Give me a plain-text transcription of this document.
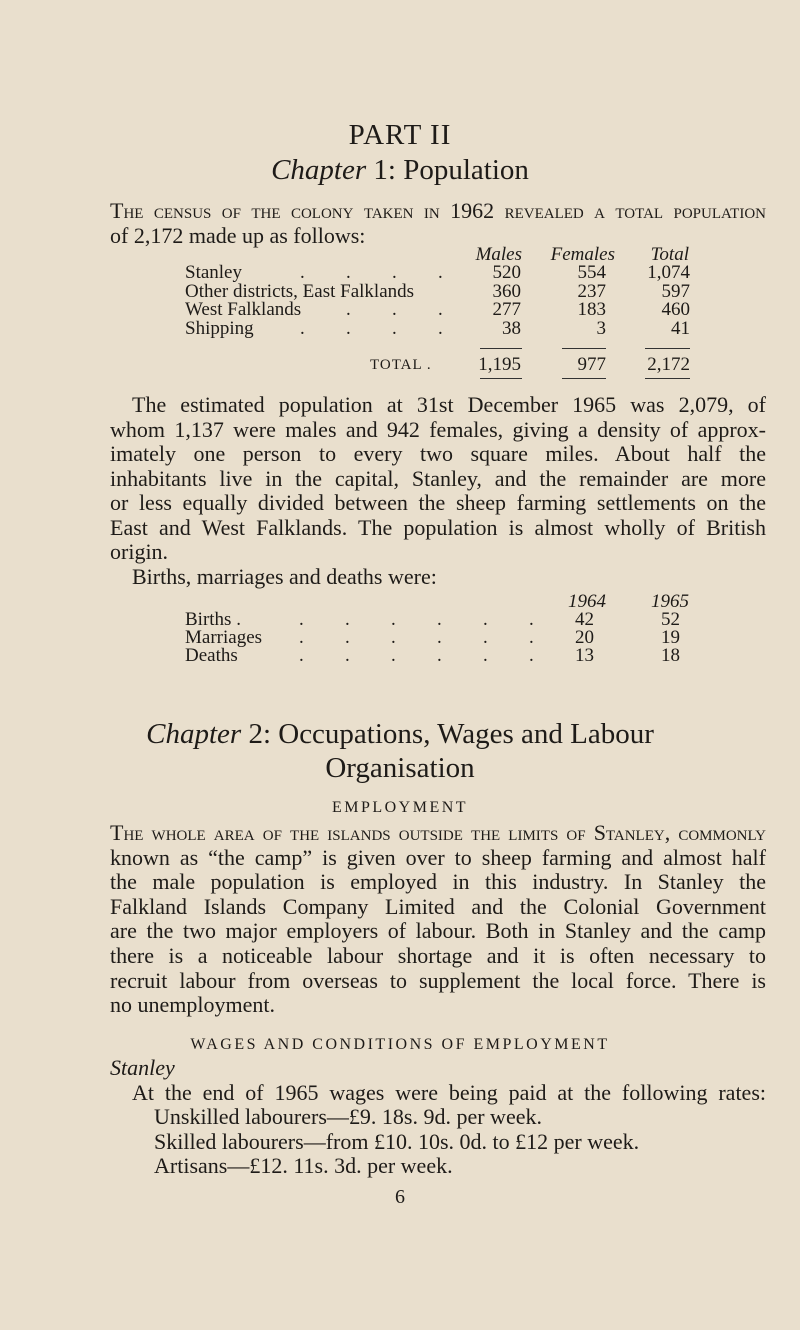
PART II
Chapter 1: Population
The census of the colony taken in 1962 revealed a total population
of 2,172 made up as follows:
Males Females Total
Stanley	. . . . 520	554 1,074
Other districts, East Falklands	360	237	597
West Falklands . . . 277	183	460
Shipping . . . . 38	3	41
TOTAL . 1,195	977 2,172
The estimated population at 31st December 1965 was 2,079, of
whom 1,137 were males and 942 females, giving a density of approx-
imately one person to every two square miles. About half the
inhabitants live in the capital, Stanley, and the remainder are more
or less equally divided between the sheep farming settlements on the
East and West Falklands. The population is almost wholly of British
origin.
Births, marriages and deaths were:
1964 1965
Births .	. . . . . . 42	52
Marriages . . . . . . 20	19
Deaths	. . . . . . 13	18
Chapter 2: Occupations, Wages and Labour
Organisation
EMPLOYMENT
The whole area of the islands outside the limits of Stanley, commonly
known as “the camp” is given over to sheep farming and almost half
the male population is employed in this industry. In Stanley the
Falkland Islands Company Limited and the Colonial Government
are the two major employers of labour. Both in Stanley and the camp
there is a noticeable labour shortage and it is often necessary to
recruit labour from overseas to supplement the local force. There is
no unemployment.
WAGES AND CONDITIONS OF EMPLOYMENT
Stanley
At the end of 1965 wages were being paid at the following rates:
Unskilled labourers—£9. 18s. 9d. per week.
Skilled labourers—from £10. 10s. 0d. to £12 per week.
Artisans—£12. 11s. 3d. per week.
6
